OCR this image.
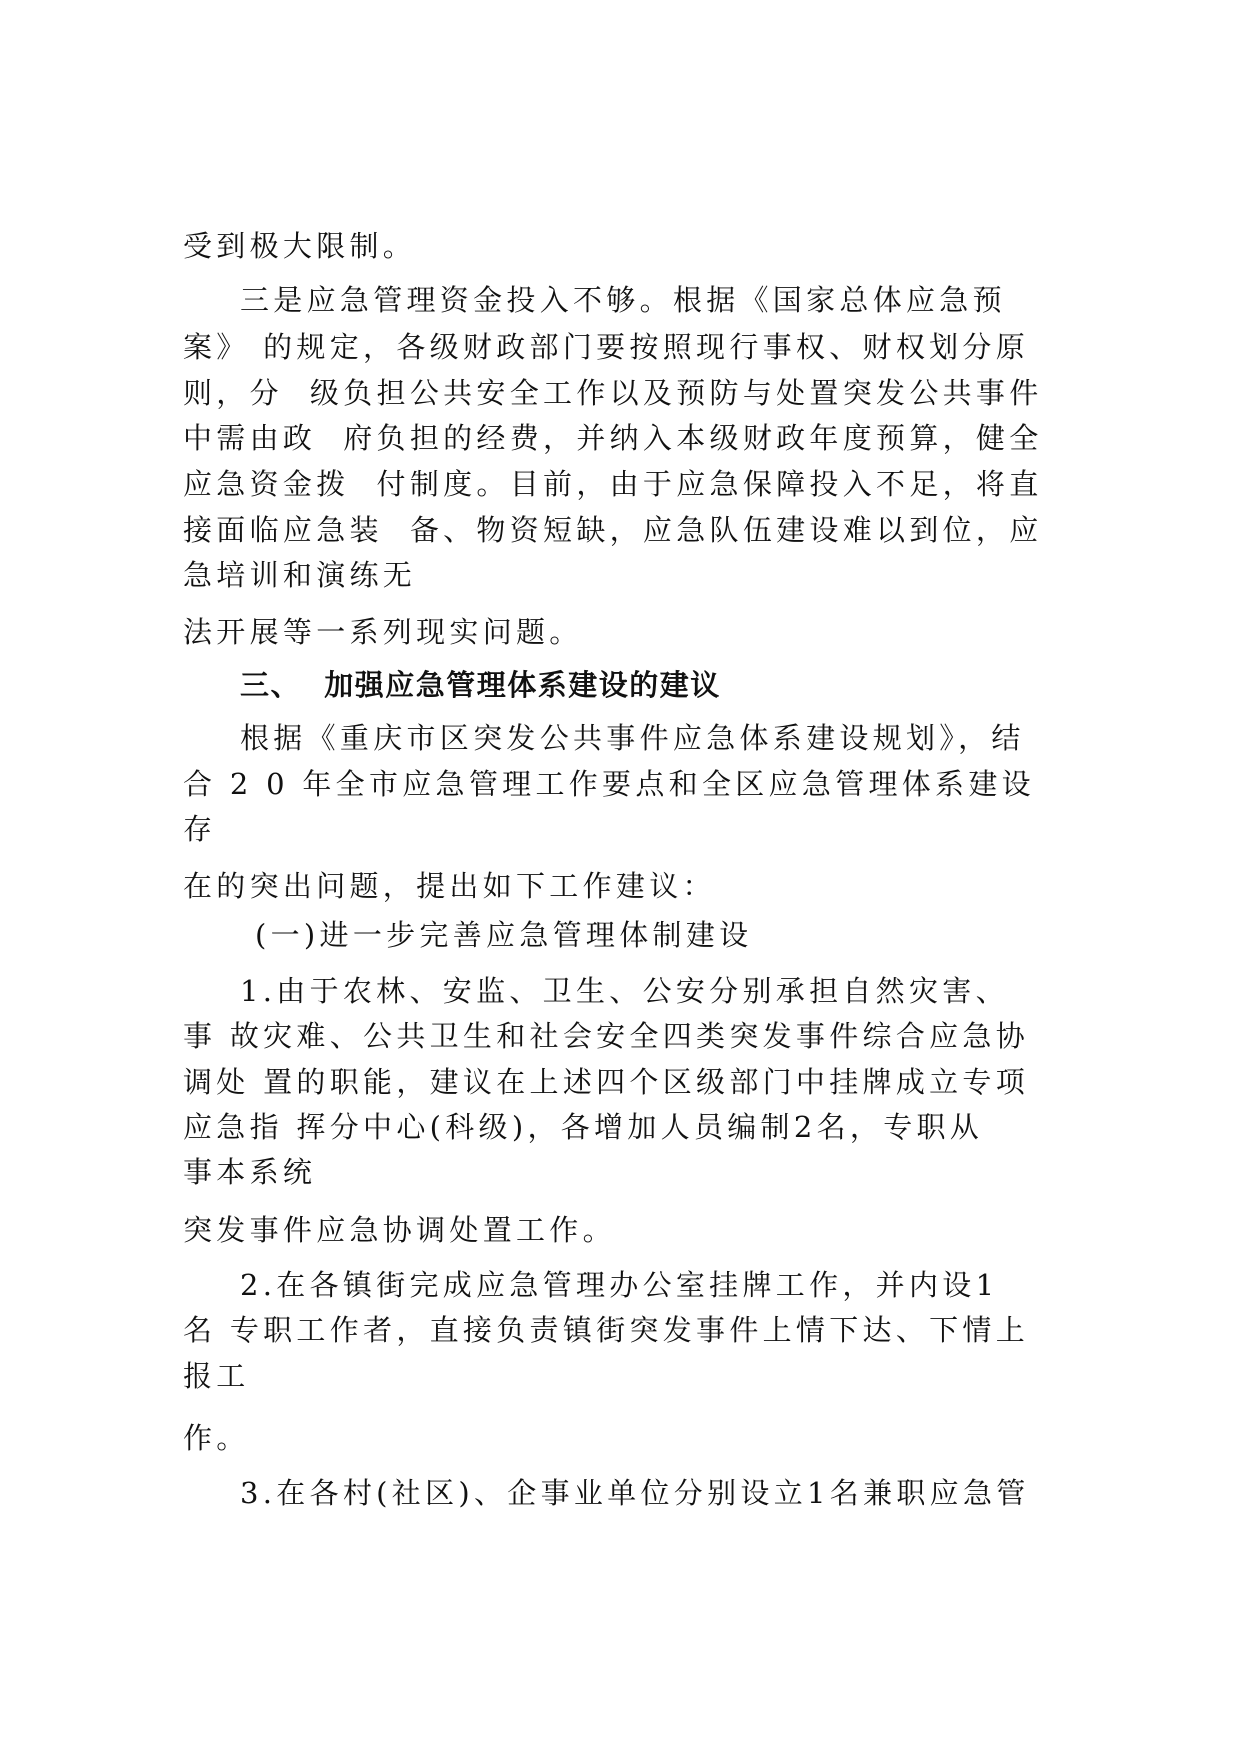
受到极大限制。
三是应急管理资金投入不够。根据《国家总体应急预
案》 的规定，各级财政部门要按照现行事权、财权划分原
则，分  级负担公共安全工作以及预防与处置突发公共事件
中需由政  府负担的经费，并纳入本级财政年度预算，健全
应急资金拨  付制度。目前，由于应急保障投入不足，将直
接面临应急装  备、物资短缺，应急队伍建设难以到位，应
急培训和演练无
法开展等一系列现实问题。
三、  加强应急管理体系建设的建议
根据《重庆市区突发公共事件应急体系建设规划》，结
合 2 0 年全市应急管理工作要点和全区应急管理体系建设
存
在的突出问题，提出如下工作建议：
(一)进一步完善应急管理体制建设
1.由于农林、安监、卫生、公安分别承担自然灾害、
事 故灾难、公共卫生和社会安全四类突发事件综合应急协
调处 置的职能，建议在上述四个区级部门中挂牌成立专项
应急指 挥分中心(科级)，各增加人员编制2名，专职从
事本系统
突发事件应急协调处置工作。
2.在各镇街完成应急管理办公室挂牌工作，并内设1
名 专职工作者，直接负责镇街突发事件上情下达、下情上
报工
作。
3.在各村(社区)、企事业单位分别设立1名兼职应急管
